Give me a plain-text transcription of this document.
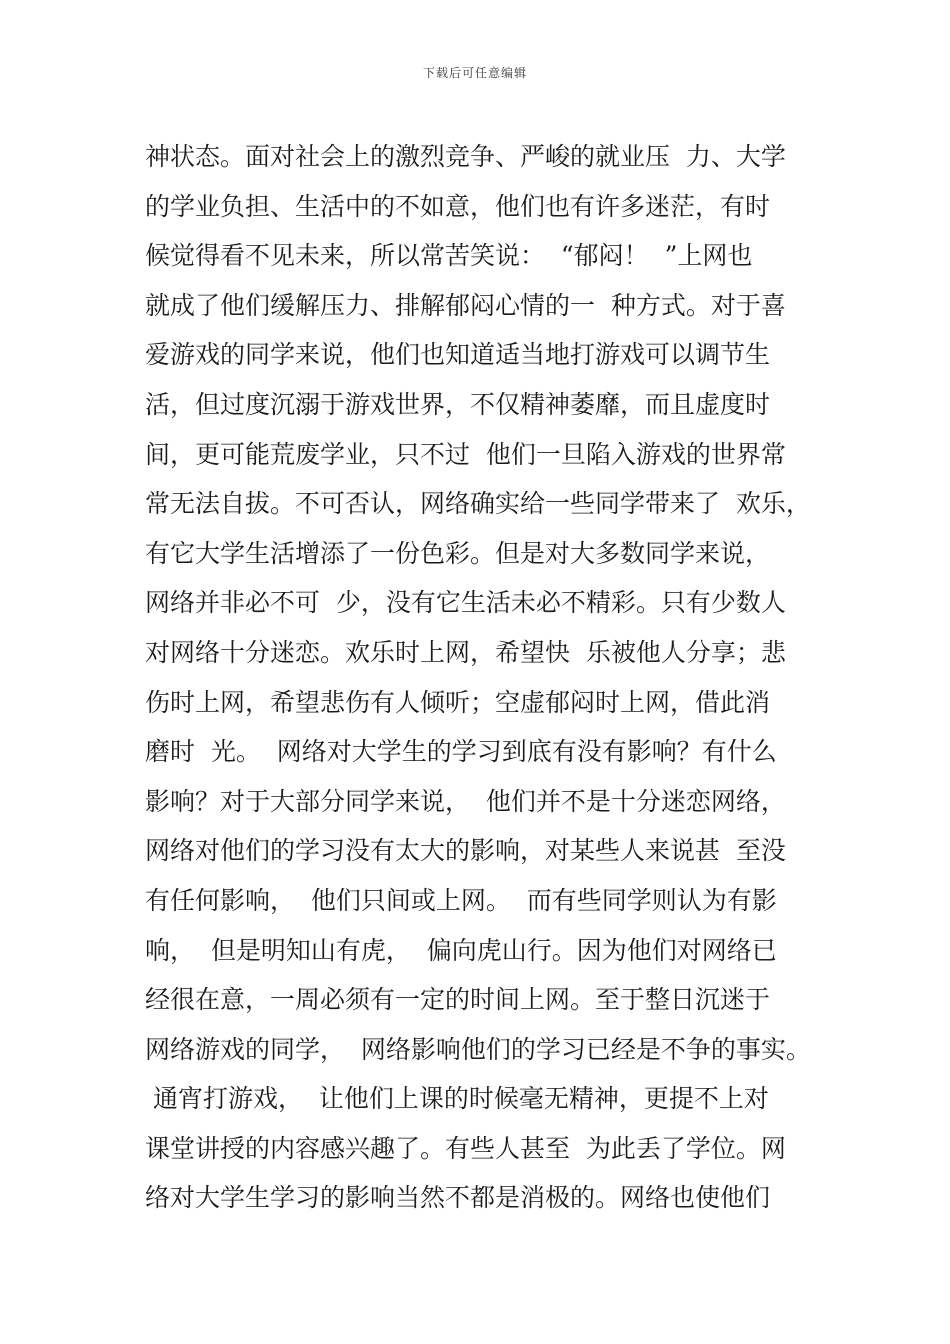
下载后可任意编辑
神状态。面对社会上的激烈竞争、严峻的就业压  力、大学
的学业负担、生活中的不如意，他们也有许多迷茫，有时
候觉得看不见未来，所以常苦笑说：  “郁闷！  ”上网也
就成了他们缓解压力、排解郁闷心情的一  种方式。对于喜
爱游戏的同学来说，他们也知道适当地打游戏可以调节生
活，但过度沉溺于游戏世界，不仅精神萎靡，而且虚度时
间，更可能荒废学业，只不过  他们一旦陷入游戏的世界常
常无法自拔。不可否认，网络确实给一些同学带来了  欢乐，
有它大学生活增添了一份色彩。但是对大多数同学来说，
网络并非必不可  少，没有它生活未必不精彩。只有少数人
对网络十分迷恋。欢乐时上网，希望快  乐被他人分享；悲
伤时上网，希望悲伤有人倾听；空虚郁闷时上网，借此消
磨时  光。  网络对大学生的学习到底有没有影响？有什么
影响？对于大部分同学来说，  他们并不是十分迷恋网络，
网络对他们的学习没有太大的影响，对某些人来说甚  至没
有任何影响，  他们只间或上网。  而有些同学则认为有影
响，  但是明知山有虎，  偏向虎山行。因为他们对网络已
经很在意，一周必须有一定的时间上网。至于整日沉迷于
网络游戏的同学，  网络影响他们的学习已经是不争的事实。
通宵打游戏，  让他们上课的时候毫无精神，更提不上对
课堂讲授的内容感兴趣了。有些人甚至  为此丢了学位。网
络对大学生学习的影响当然不都是消极的。网络也使他们
